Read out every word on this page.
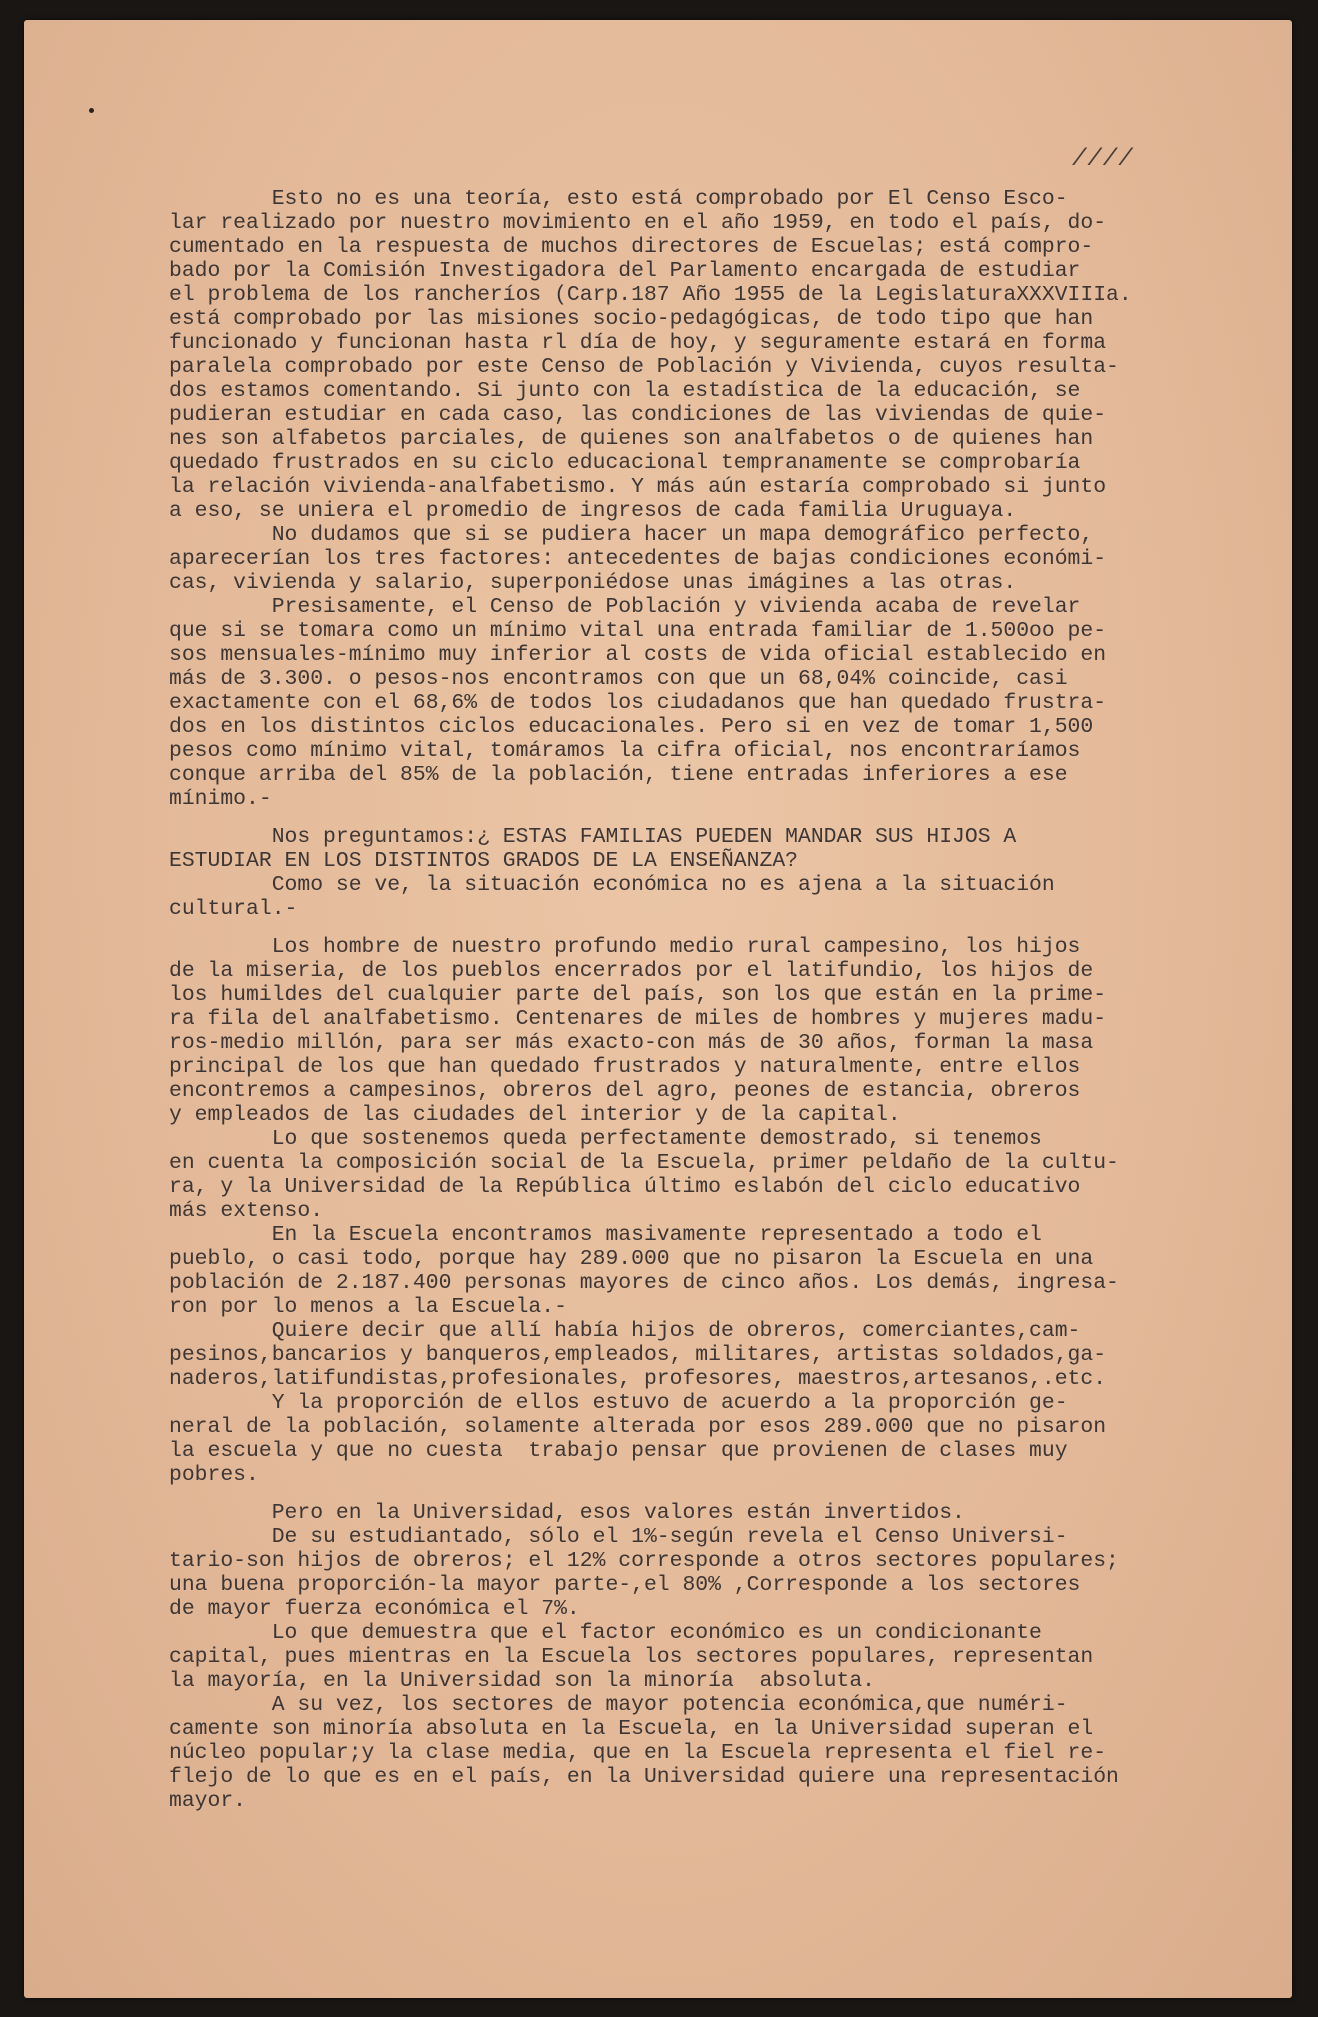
////
Esto no es una teoría, esto está comprobado por El Censo Esco-
lar realizado por nuestro movimiento en el año 1959, en todo el país, do-
cumentado en la respuesta de muchos directores de Escuelas; está compro-
bado por la Comisión Investigadora del Parlamento encargada de estudiar
el problema de los rancheríos (Carp.187 Año 1955 de la LegislaturaXXXVIIIa.
está comprobado por las misiones socio-pedagógicas, de todo tipo que han
funcionado y funcionan hasta rl día de hoy, y seguramente estará en forma
paralela comprobado por este Censo de Población y Vivienda, cuyos resulta-
dos estamos comentando. Si junto con la estadística de la educación, se
pudieran estudiar en cada caso, las condiciones de las viviendas de quie-
nes son alfabetos parciales, de quienes son analfabetos o de quienes han
quedado frustrados en su ciclo educacional tempranamente se comprobaría
la relación vivienda-analfabetismo. Y más aún estaría comprobado si junto
a eso, se uniera el promedio de ingresos de cada familia Uruguaya.
No dudamos que si se pudiera hacer un mapa demográfico perfecto,
aparecerían los tres factores: antecedentes de bajas condiciones económi-
cas, vivienda y salario, superponiédose unas imágines a las otras.
Presisamente, el Censo de Población y vivienda acaba de revelar
que si se tomara como un mínimo vital una entrada familiar de 1.500oo pe-
sos mensuales-mínimo muy inferior al costs de vida oficial establecido en
más de 3.300. o pesos-nos encontramos con que un 68,04% coincide, casi
exactamente con el 68,6% de todos los ciudadanos que han quedado frustra-
dos en los distintos ciclos educacionales. Pero si en vez de tomar 1,500
pesos como mínimo vital, tomáramos la cifra oficial, nos encontraríamos
conque arriba del 85% de la población, tiene entradas inferiores a ese
mínimo.-
Nos preguntamos:¿ ESTAS FAMILIAS PUEDEN MANDAR SUS HIJOS A
ESTUDIAR EN LOS DISTINTOS GRADOS DE LA ENSEÑANZA?
Como se ve, la situación económica no es ajena a la situación
cultural.-
Los hombre de nuestro profundo medio rural campesino, los hijos
de la miseria, de los pueblos encerrados por el latifundio, los hijos de
los humildes del cualquier parte del país, son los que están en la prime-
ra fila del analfabetismo. Centenares de miles de hombres y mujeres madu-
ros-medio millón, para ser más exacto-con más de 30 años, forman la masa
principal de los que han quedado frustrados y naturalmente, entre ellos
encontremos a campesinos, obreros del agro, peones de estancia, obreros
y empleados de las ciudades del interior y de la capital.
Lo que sostenemos queda perfectamente demostrado, si tenemos
en cuenta la composición social de la Escuela, primer peldaño de la cultu-
ra, y la Universidad de la República último eslabón del ciclo educativo
más extenso.
En la Escuela encontramos masivamente representado a todo el
pueblo, o casi todo, porque hay 289.000 que no pisaron la Escuela en una
población de 2.187.400 personas mayores de cinco años. Los demás, ingresa-
ron por lo menos a la Escuela.-
Quiere decir que allí había hijos de obreros, comerciantes,cam-
pesinos,bancarios y banqueros,empleados, militares, artistas soldados,ga-
naderos,latifundistas,profesionales, profesores, maestros,artesanos,.etc.
Y la proporción de ellos estuvo de acuerdo a la proporción ge-
neral de la población, solamente alterada por esos 289.000 que no pisaron
la escuela y que no cuesta  trabajo pensar que provienen de clases muy
pobres.
Pero en la Universidad, esos valores están invertidos.
De su estudiantado, sólo el 1%-según revela el Censo Universi-
tario-son hijos de obreros; el 12% corresponde a otros sectores populares;
una buena proporción-la mayor parte-,el 80% ,Corresponde a los sectores
de mayor fuerza económica el 7%.
Lo que demuestra que el factor económico es un condicionante
capital, pues mientras en la Escuela los sectores populares, representan
la mayoría, en la Universidad son la minoría  absoluta.
A su vez, los sectores de mayor potencia económica,que numéri-
camente son minoría absoluta en la Escuela, en la Universidad superan el
núcleo popular;y la clase media, que en la Escuela representa el fiel re-
flejo de lo que es en el país, en la Universidad quiere una representación
mayor.
